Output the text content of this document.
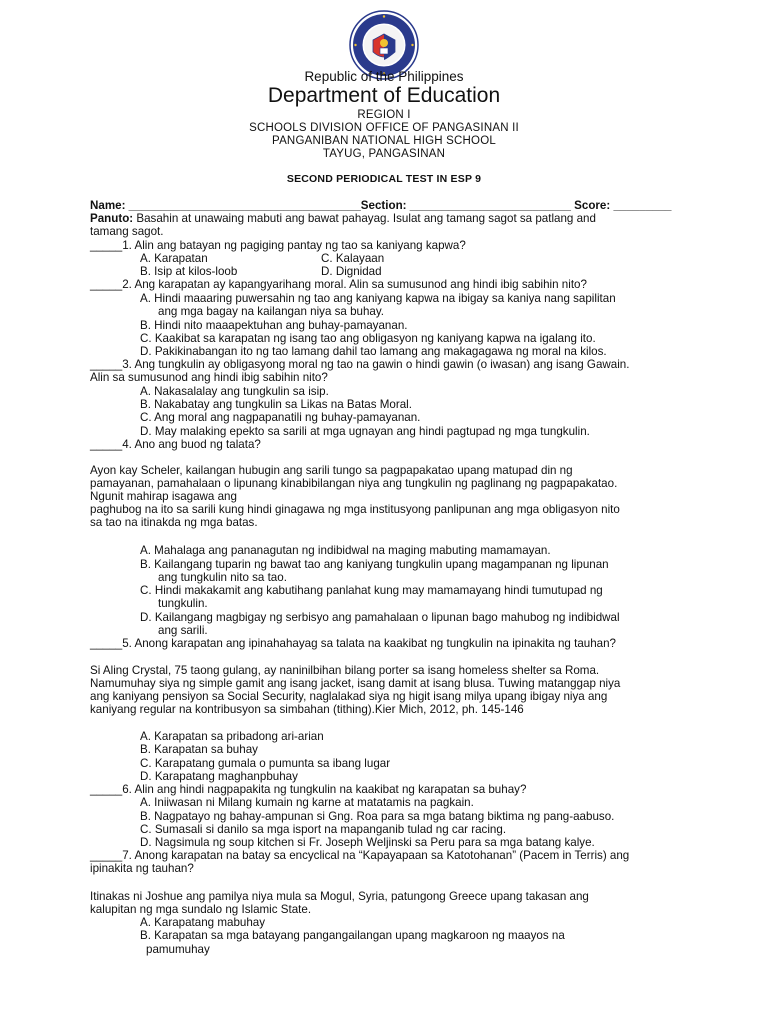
Republic of the Philippines
Department of Education
REGION I
SCHOOLS DIVISION OFFICE OF PANGASINAN II
PANGANIBAN NATIONAL HIGH SCHOOL
TAYUG, PANGASINAN
SECOND PERIODICAL TEST IN ESP 9
Name: ____________________________________Section: _________________________ Score: _________
Panuto: Basahin at unawaing mabuti ang bawat pahayag. Isulat ang tamang sagot sa patlang and
tamang sagot.
_____1. Alin ang batayan ng pagiging pantay ng tao sa kaniyang kapwa?
A. Karapatan	C. Kalayaan
B. Isip at kilos-loob	D. Dignidad
_____2. Ang karapatan ay kapangyarihang moral. Alin sa sumusunod ang hindi ibig sabihin nito?
A. Hindi maaaring puwersahin ng tao ang kaniyang kapwa na ibigay sa kaniya nang sapilitan
ang mga bagay na kailangan niya sa buhay.
B. Hindi nito maaapektuhan ang buhay-pamayanan.
C. Kaakibat sa karapatan ng isang tao ang obligasyon ng kaniyang kapwa na igalang ito.
D. Pakikinabangan ito ng tao lamang dahil tao lamang ang makagagawa ng moral na kilos.
_____3. Ang tungkulin ay obligasyong moral ng tao na gawin o hindi gawin (o iwasan) ang isang Gawain.
Alin sa sumusunod ang hindi ibig sabihin nito?
A. Nakasalalay ang tungkulin sa isip.
B. Nakabatay ang tungkulin sa Likas na Batas Moral.
C. Ang moral ang nagpapanatili ng buhay-pamayanan.
D. May malaking epekto sa sarili at mga ugnayan ang hindi pagtupad ng mga tungkulin.
_____4. Ano ang buod ng talata?
Ayon kay Scheler, kailangan hubugin ang sarili tungo sa pagpapakatao upang matupad din ng
pamayanan, pamahalaan o lipunang kinabibilangan niya ang tungkulin ng paglinang ng pagpapakatao.
Ngunit mahirap isagawa ang
paghubog na ito sa sarili kung hindi ginagawa ng mga institusyong panlipunan ang mga obligasyon nito
sa tao na itinakda ng mga batas.
A. Mahalaga ang pananagutan ng indibidwal na maging mabuting mamamayan.
B. Kailangang tuparin ng bawat tao ang kaniyang tungkulin upang magampanan ng lipunan
ang tungkulin nito sa tao.
C. Hindi makakamit ang kabutihang panlahat kung may mamamayang hindi tumutupad ng
tungkulin.
D. Kailangang magbigay ng serbisyo ang pamahalaan o lipunan bago mahubog ng indibidwal
ang sarili.
_____5. Anong karapatan ang ipinahahayag sa talata na kaakibat ng tungkulin na ipinakita ng tauhan?
Si Aling Crystal, 75 taong gulang, ay naninilbihan bilang porter sa isang homeless shelter sa Roma.
Namumuhay siya ng simple gamit ang isang jacket, isang damit at isang blusa. Tuwing matanggap niya
ang kaniyang pensiyon sa Social Security, naglalakad siya ng higit isang milya upang ibigay niya ang
kaniyang regular na kontribusyon sa simbahan (tithing).Kier Mich, 2012, ph. 145-146
A. Karapatan sa pribadong ari-arian
B. Karapatan sa buhay
C. Karapatang gumala o pumunta sa ibang lugar
D. Karapatang maghanpbuhay
_____6. Alin ang hindi nagpapakita ng tungkulin na kaakibat ng karapatan sa buhay?
A. Iniiwasan ni Milang kumain ng karne at matatamis na pagkain.
B. Nagpatayo ng bahay-ampunan si Gng. Roa para sa mga batang biktima ng pang-aabuso.
C. Sumasali si danilo sa mga isport na mapanganib tulad ng car racing.
D. Nagsimula ng soup kitchen si Fr. Joseph Weljinski sa Peru para sa mga batang kalye.
_____7. Anong karapatan na batay sa encyclical na “Kapayapaan sa Katotohanan” (Pacem in Terris) ang
ipinakita ng tauhan?
Itinakas ni Joshue ang pamilya niya mula sa Mogul, Syria, patungong Greece upang takasan ang
kalupitan ng mga sundalo ng Islamic State.
A. Karapatang mabuhay
B. Karapatan sa mga batayang pangangailangan upang magkaroon ng maayos na
pamumuhay
